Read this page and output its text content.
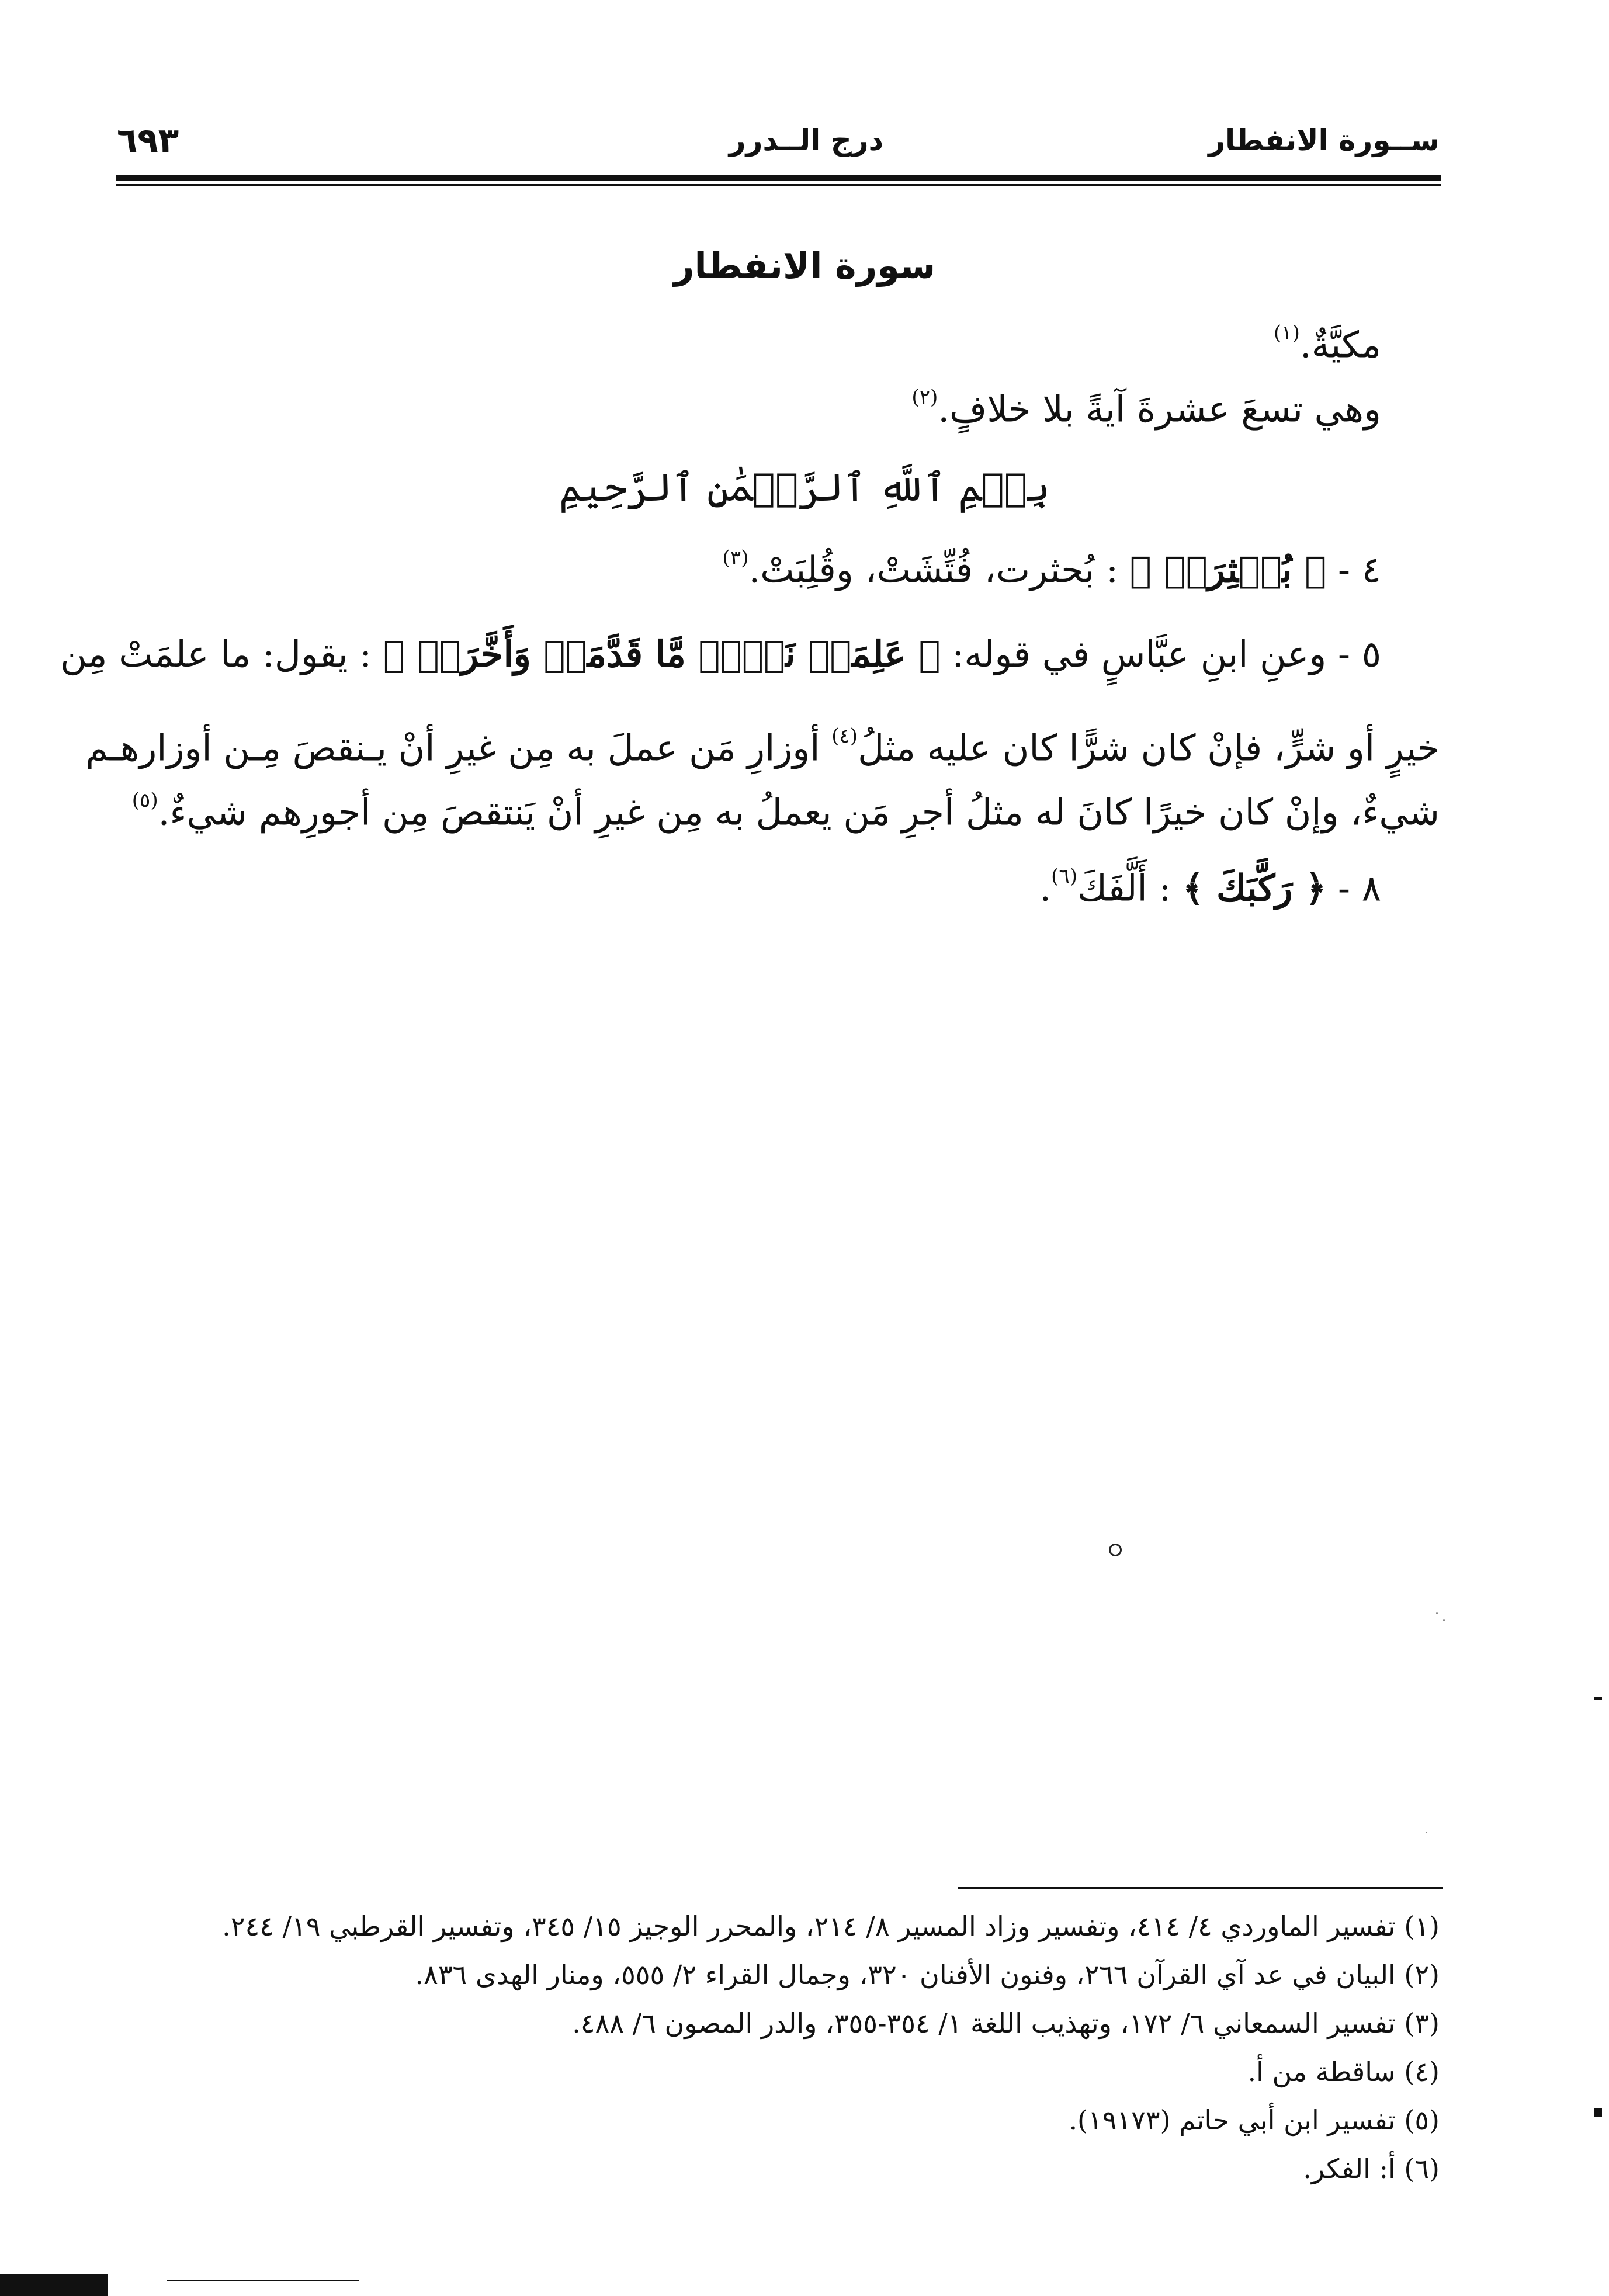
ســورة الانفطار
درج الــدرر
٦٩٣
سورة الانفطار
مكيَّةٌ.$^{(١)}$
وهي تسعَ عشرةَ آيةً بلا خلافٍ.$^{(٢)}$
بِسۡمِ ٱللَّهِ ٱلرَّحۡمَٰنِ ٱلرَّحِيمِ
٤ - ﴿ بُعۡثِرَتۡ ﴾ : بُحثرت، فُتِّشَتْ، وقُلِبَتْ.$^{(٣)}$
٥ - وعنِ ابنِ عبَّاسٍ في قوله: ﴿ عَلِمَتۡ نَفۡسٞ مَّا قَدَّمَتۡ وَأَخَّرَتۡ ﴾ : يقول: ما علمَتْ مِن
خيرٍ أو شرٍّ، فإنْ كان شرًّا كان عليه مثلُ$^{(٤)}$ أوزارِ مَن عملَ به مِن غيرِ أنْ يـنقصَ مِـن أوزارهـم
شيءٌ، وإنْ كان خيرًا كانَ له مثلُ أجرِ مَن يعملُ به مِن غيرِ أنْ يَنتقصَ مِن أجورِهم شيءٌ.$^{(٥)}$
٨ - ﴿ رَكَّبَكَ ﴾ : أَلَّفَكَ$^{(٦)}$.
(١) تفسير الماوردي ٤/ ٤١٤، وتفسير وزاد المسير ٨/ ٢١٤، والمحرر الوجيز ١٥/ ٣٤٥، وتفسير القرطبي ١٩/ ٢٤٤.
(٢) البيان في عد آي القرآن ٢٦٦، وفنون الأفنان ٣٢٠، وجمال القراء ٢/ ٥٥٥، ومنار الهدى ٨٣٦.
(٣) تفسير السمعاني ٦/ ١٧٢، وتهذيب اللغة ١/ ٣٥٤-٣٥٥، والدر المصون ٦/ ٤٨٨.
(٤) ساقطة من أ.
(٥) تفسير ابن أبي حاتم (١٩١٧٣).
(٦) أ: الفكر.
